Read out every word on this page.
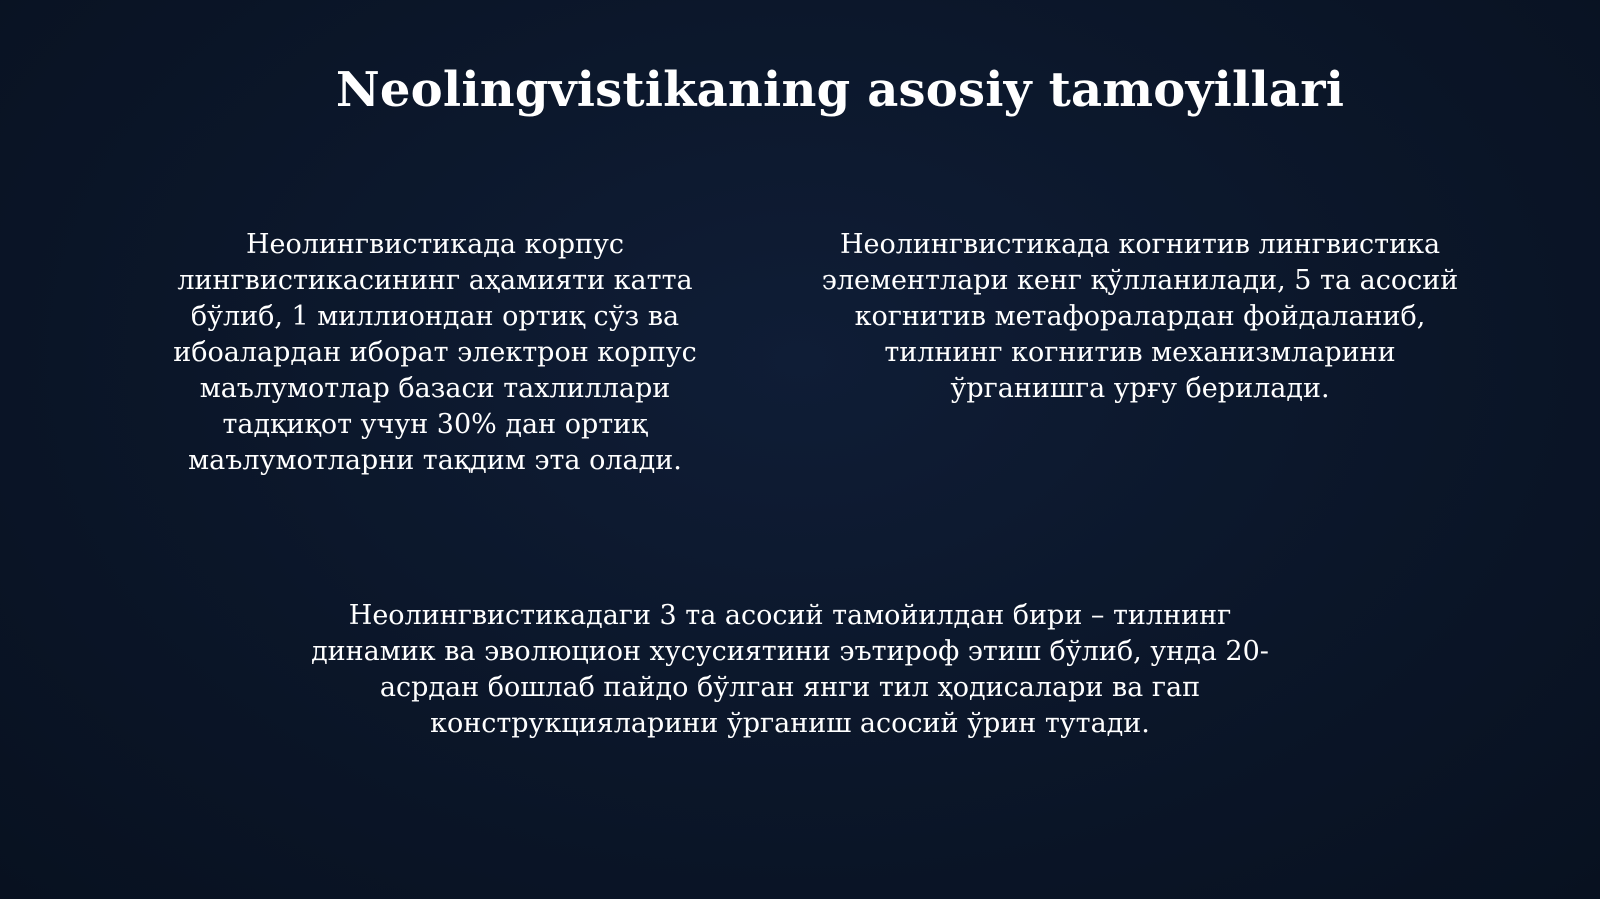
Neolingvistikaning asosiy tamoyillari

Неолингвистикада корпус
лингвистикасининг аҳамияти катта
бўлиб, 1 миллиондан ортиқ сўз ва
ибоалардан иборат электрон корпус
маълумотлар базаси тахлиллари
тадқиқот учун 30% дан ортиқ
маълумотларни тақдим эта олади.

Неолингвистикада когнитив лингвистика
элементлари кенг қўлланилади, 5 та асосий
когнитив метафоралардан фойдаланиб,
тилнинг когнитив механизмларини
ўрганишга урғу берилади.

Неолингвистикадаги 3 та асосий тамойилдан бири – тилнинг
динамик ва эволюцион хусусиятини эътироф этиш бўлиб, унда 20-
асрдан бошлаб пайдо бўлган янги тил ҳодисалари ва гап
конструкцияларини ўрганиш асосий ўрин тутади.
